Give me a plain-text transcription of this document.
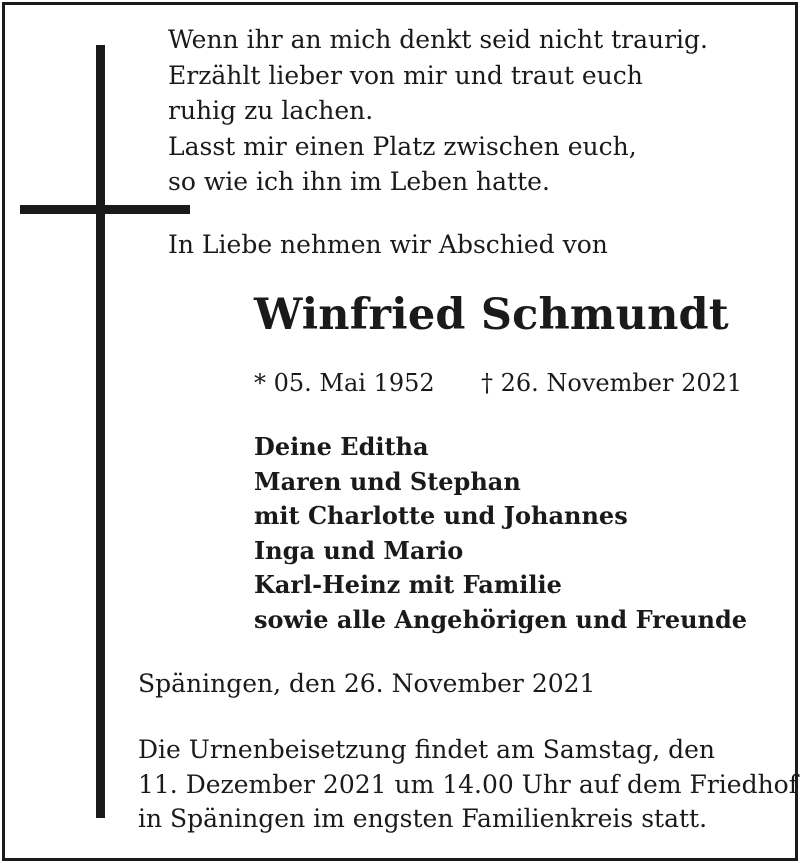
Wenn ihr an mich denkt seid nicht traurig.
Erzählt lieber von mir und traut euch
ruhig zu lachen.
Lasst mir einen Platz zwischen euch,
so wie ich ihn im Leben hatte.
In Liebe nehmen wir Abschied von
Winfried Schmundt
* 05. Mai 1952 † 26. November 2021
Deine Editha
Maren und Stephan
mit Charlotte und Johannes
Inga und Mario
Karl-Heinz mit Familie
sowie alle Angehörigen und Freunde
Späningen, den 26. November 2021
Die Urnenbeisetzung findet am Samstag, den
11. Dezember 2021 um 14.00 Uhr auf dem Friedhof
in Späningen im engsten Familienkreis statt.
